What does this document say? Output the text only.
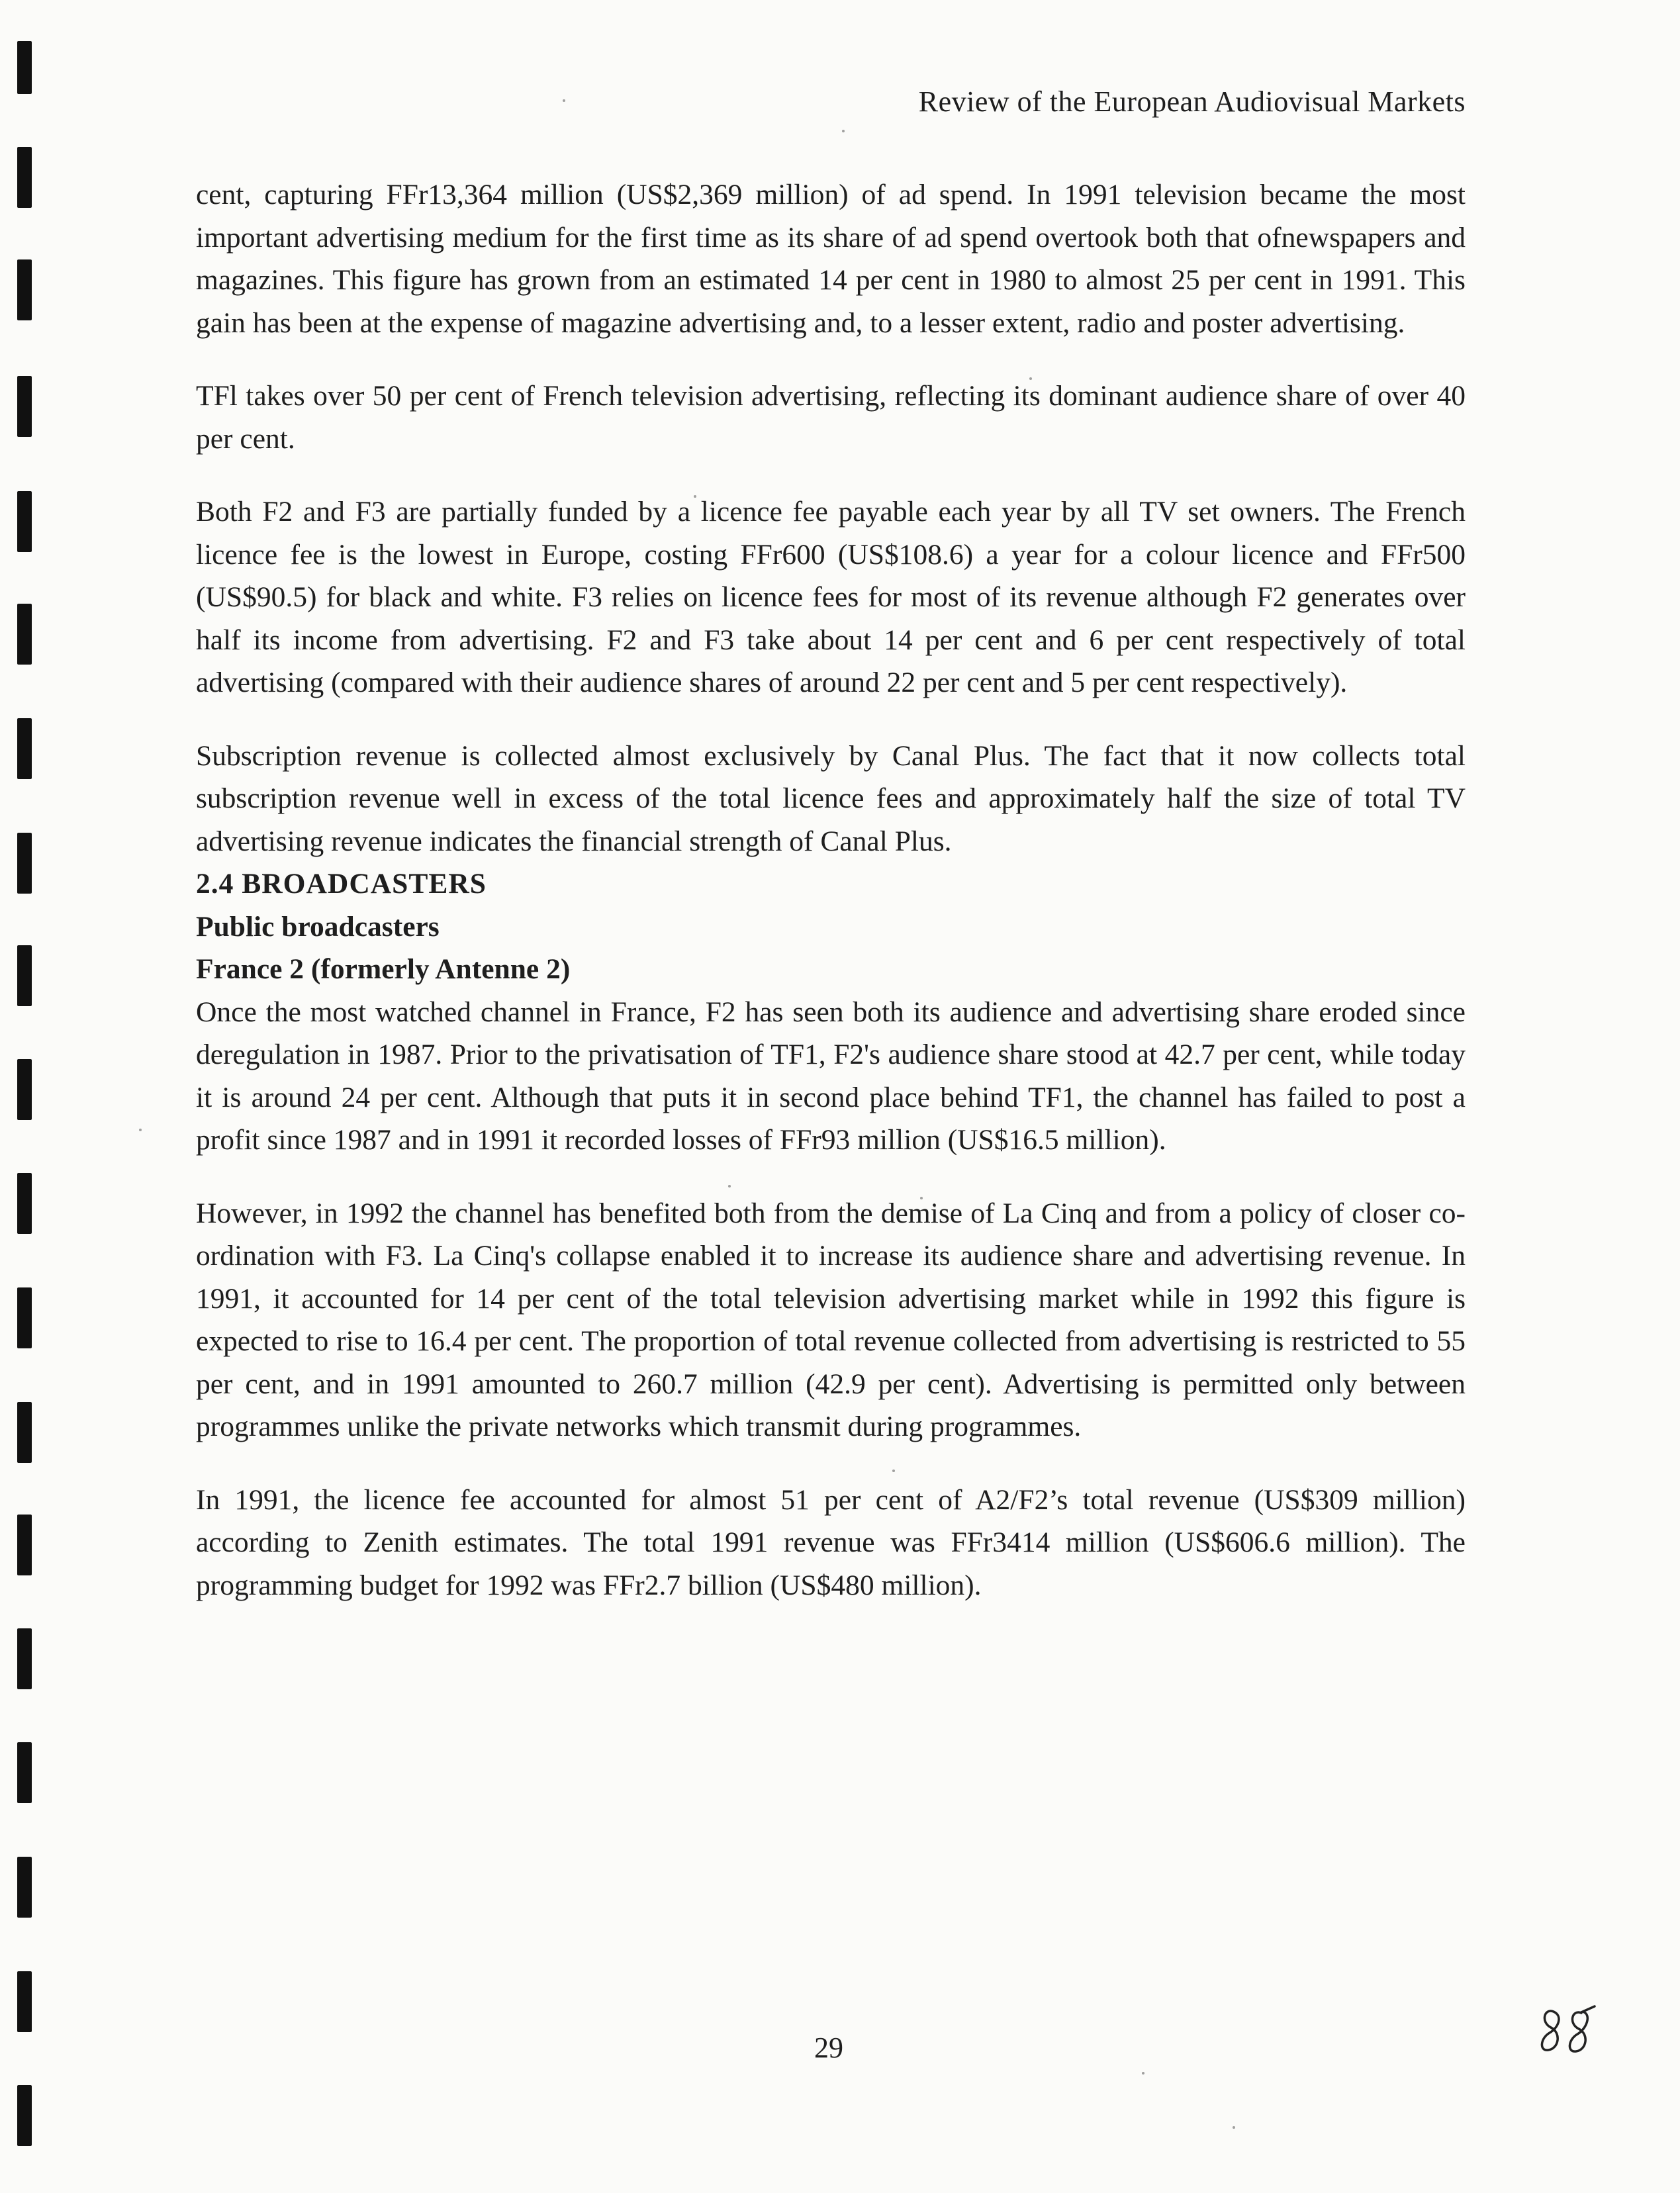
Review of the European Audiovisual Markets

cent, capturing FFr13,364 million (US$2,369 million) of ad spend. In 1991 television became the most important advertising medium for the first time as its share of ad spend overtook both that ofnewspapers and magazines. This figure has grown from an estimated 14 per cent in 1980 to almost 25 per cent in 1991. This gain has been at the expense of magazine advertising and, to a lesser extent, radio and poster advertising.

TFl takes over 50 per cent of French television advertising, reflecting its dominant audience share of over 40 per cent.

Both F2 and F3 are partially funded by a licence fee payable each year by all TV set owners. The French licence fee is the lowest in Europe, costing FFr600 (US$108.6) a year for a colour licence and FFr500 (US$90.5) for black and white. F3 relies on licence fees for most of its revenue although F2 generates over half its income from advertising. F2 and F3 take about 14 per cent and 6 per cent respectively of total advertising (compared with their audience shares of around 22 per cent and 5 per cent respectively).

Subscription revenue is collected almost exclusively by Canal Plus. The fact that it now collects total subscription revenue well in excess of the total licence fees and approximately half the size of total TV advertising revenue indicates the financial strength of Canal Plus.

2.4 BROADCASTERS

Public broadcasters

France 2 (formerly Antenne 2)

Once the most watched channel in France, F2 has seen both its audience and advertising share eroded since deregulation in 1987. Prior to the privatisation of TF1, F2's audience share stood at 42.7 per cent, while today it is around 24 per cent. Although that puts it in second place behind TF1, the channel has failed to post a profit since 1987 and in 1991 it recorded losses of FFr93 million (US$16.5 million).

However, in 1992 the channel has benefited both from the demise of La Cinq and from a policy of closer co-ordination with F3. La Cinq's collapse enabled it to increase its audience share and advertising revenue. In 1991, it accounted for 14 per cent of the total television advertising market while in 1992 this figure is expected to rise to 16.4 per cent. The proportion of total revenue collected from advertising is restricted to 55 per cent, and in 1991 amounted to 260.7 million (42.9 per cent). Advertising is permitted only between programmes unlike the private networks which transmit during programmes.

In 1991, the licence fee accounted for almost 51 per cent of A2/F2’s total revenue (US$309 million) according to Zenith estimates. The total 1991 revenue was FFr3414 million (US$606.6 million). The programming budget for 1992 was FFr2.7 billion (US$480 million).

29
